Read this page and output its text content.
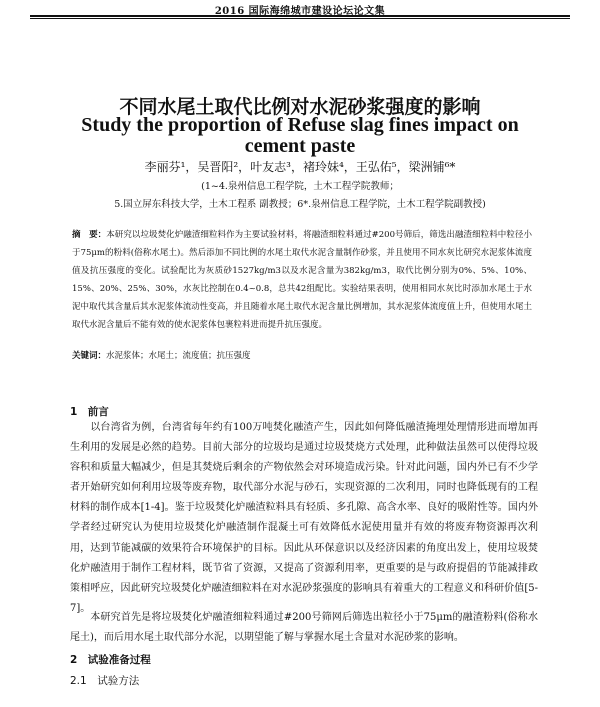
2016 国际海绵城市建设论坛论文集
不同水尾土取代比例对水泥砂浆强度的影响
Study the proportion of Refuse slag fines impact on cement paste
李丽芬¹，吴晋阳²，叶友志³，褚玲妹⁴，王弘佑⁵，梁洲铺⁶*
(1~4.泉州信息工程学院，土木工程学院教师；
5.国立屏东科技大学，土木工程系 副教授；6*.泉州信息工程学院，土木工程学院副教授)
摘　要：本研究以垃圾焚化炉融渣细粒料作为主要试验材料，将融渣细粒料通过#200号筛后，筛选出融渣细粒料中粒径小于75μm的粉料(俗称水尾土)。然后添加不同比例的水尾土取代水泥含量制作砂浆，并且使用不同水灰比研究水泥浆体流度值及抗压强度的变化。试验配比为灰质砂1527kg/m3以及水泥含量为382kg/m3，取代比例分别为0%、5%、10%、15%、20%、25%、30%，水灰比控制在0.4~0.8，总共42组配比。实验结果表明，使用相同水灰比时添加水尾土于水泥中取代其含量后其水泥浆体流动性变高，并且随着水尾土取代水泥含量比例增加，其水泥浆体流度值上升，但使用水尾土取代水泥含量后不能有效的使水泥浆体包裹粒料进而提升抗压强度。
关键词：水泥浆体；水尾土；流度值；抗压强度
1　前言
以台湾省为例，台湾省每年约有100万吨焚化融渣产生，因此如何降低融渣掩埋处理情形进而增加再生利用的发展是必然的趋势。目前大部分的垃圾均是通过垃圾焚烧方式处理，此种做法虽然可以使得垃圾容积和质量大幅减少，但是其焚烧后剩余的产物依然会对环境造成污染。针对此问题，国内外已有不少学者开始研究如何利用垃圾等废弃物，取代部分水泥与砂石，实现资源的二次利用，同时也降低现有的工程材料的制作成本[1-4]。鉴于垃圾焚化炉融渣粒料具有轻质、多孔隙、高含水率、良好的吸附性等。国内外学者经过研究认为使用垃圾焚化炉融渣制作混凝土可有效降低水泥使用量并有效的将废弃物资源再次利用，达到节能减碳的效果符合环境保护的目标。因此从环保意识以及经济因素的角度出发上，使用垃圾焚化炉融渣用于制作工程材料，既节省了资源，又提高了资源利用率，更重要的是与政府提倡的节能减排政策相呼应，因此研究垃圾焚化炉融渣细粒料在对水泥砂浆强度的影响具有着重大的工程意义和科研价值[5-7]。
本研究首先是将垃圾焚化炉融渣细粒料通过#200号筛网后筛选出粒径小于75μm的融渣粉料(俗称水尾土)，而后用水尾土取代部分水泥，以期望能了解与掌握水尾土含量对水泥砂浆的影响。
2　试验准备过程
2.1　试验方法
